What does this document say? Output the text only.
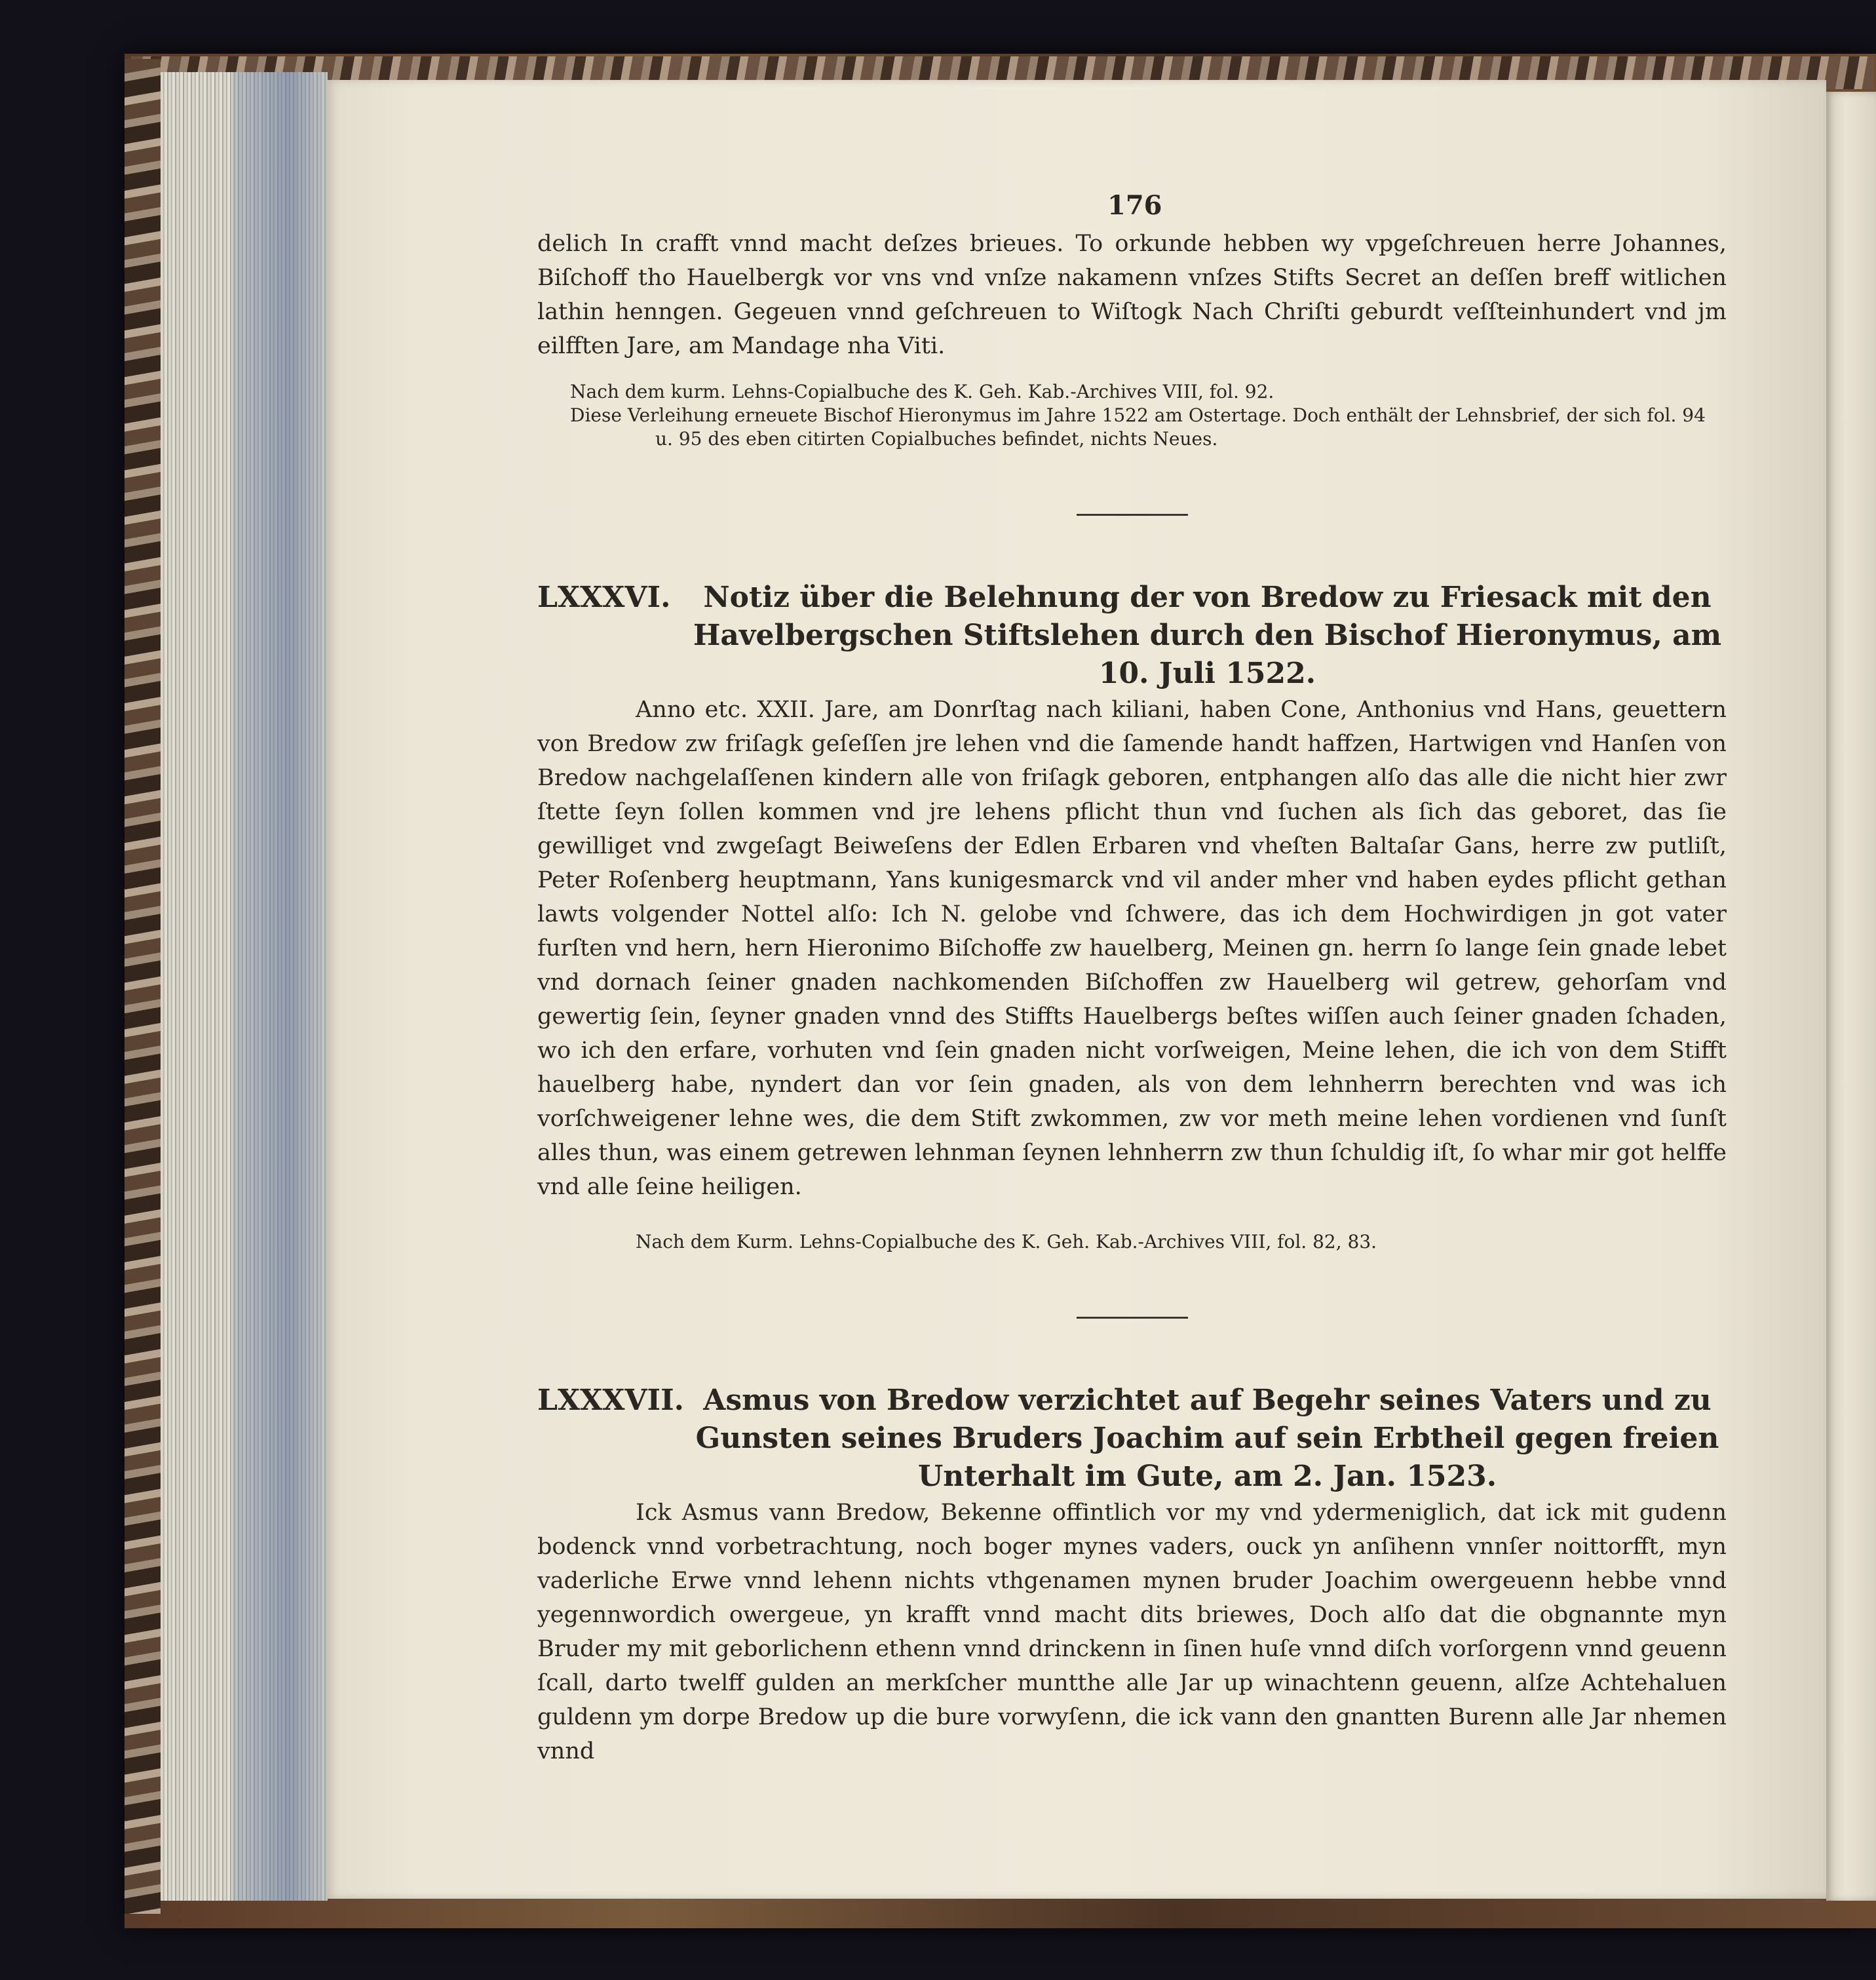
176

delich In crafft vnnd macht deſzes brieues. To orkunde hebben wy vpgeſchreuen herre Johannes, Biſchoff tho Hauelbergk vor vns vnd vnſze nakamenn vnſzes Stifts Secret an deſſen breff witlichen lathin henngen. Gegeuen vnnd geſchreuen to Wiſtogk Nach Chriſti geburdt veſſteinhundert vnd jm eilfften Jare, am Mandage nha Viti.

Nach dem kurm. Lehns-Copialbuche des K. Geh. Kab.-Archives VIII, fol. 92.

Diese Verleihung erneuete Bischof Hieronymus im Jahre 1522 am Ostertage. Doch enthält der Lehnsbrief, der sich fol. 94 u. 95 des eben citirten Copialbuches befindet, nichts Neues.

LXXXVI.	Notiz über die Belehnung der von Bredow zu Friesack mit den Havelbergschen Stiftslehen durch den Bischof Hieronymus, am 10. Juli 1522.

Anno etc. XXII. Jare, am Donrſtag nach kiliani, haben Cone, Anthonius vnd Hans, geuettern von Bredow zw friſagk geſeſſen jre lehen vnd die ſamende handt haffzen, Hartwigen vnd Hanſen von Bredow nachgelaſſenen kindern alle von friſagk geboren, entphangen alſo das alle die nicht hier zwr ſtette ſeyn ſollen kommen vnd jre lehens pflicht thun vnd ſuchen als ſich das geboret, das ſie gewilliget vnd zwgeſagt Beiweſens der Edlen Erbaren vnd vheſten Baltaſar Gans, herre zw putliſt, Peter Roſenberg heuptmann, Yans kunigesmarck vnd vil ander mher vnd haben eydes pflicht gethan lawts volgender Nottel alſo: Ich N. gelobe vnd ſchwere, das ich dem Hochwirdigen jn got vater furſten vnd hern, hern Hieronimo Biſchoffe zw hauelberg, Meinen gn. herrn ſo lange ſein gnade lebet vnd dornach ſeiner gnaden nachkomenden Biſchoffen zw Hauelberg wil getrew, gehorſam vnd gewertig ſein, ſeyner gnaden vnnd des Stiffts Hauelbergs beſtes wiſſen auch ſeiner gnaden ſchaden, wo ich den erfare, vorhuten vnd ſein gnaden nicht vorſweigen, Meine lehen, die ich von dem Stifft hauelberg habe, nyndert dan vor ſein gnaden, als von dem lehnherrn berechten vnd was ich vorſchweigener lehne wes, die dem Stift zwkommen, zw vor meth meine lehen vordienen vnd ſunſt alles thun, was einem getrewen lehnman ſeynen lehnherrn zw thun ſchuldig iſt, ſo whar mir got helffe vnd alle ſeine heiligen.

Nach dem Kurm. Lehns-Copialbuche des K. Geh. Kab.-Archives VIII, fol. 82, 83.
LXXXVII. Asmus von Bredow verzichtet auf Begehr seines Vaters und zu Gunsten seines Bruders Joachim auf sein Erbtheil gegen freien Unterhalt im Gute, am 2. Jan. 1523.

Ick Asmus vann Bredow, Bekenne offintlich vor my vnd ydermeniglich, dat ick mit gudenn bodenck vnnd vorbetrachtung, noch boger mynes vaders, ouck yn anſihenn vnnſer noittorfft, myn vaderliche Erwe vnnd lehenn nichts vthgenamen mynen bruder Joachim owergeuenn hebbe vnnd yegennwordich owergeue, yn krafft vnnd macht dits briewes, Doch alſo dat die obgnannte myn Bruder my mit geborlichenn ethenn vnnd drinckenn in ſinen huſe vnnd diſch vorſorgenn vnnd geuenn ſcall, darto twelff gulden an merkſcher muntthe alle Jar up winachtenn geuenn, alſze Achtehaluen guldenn ym dorpe Bredow up die bure vorwyſenn, die ick vann den gnantten Burenn alle Jar nhemen vnnd
